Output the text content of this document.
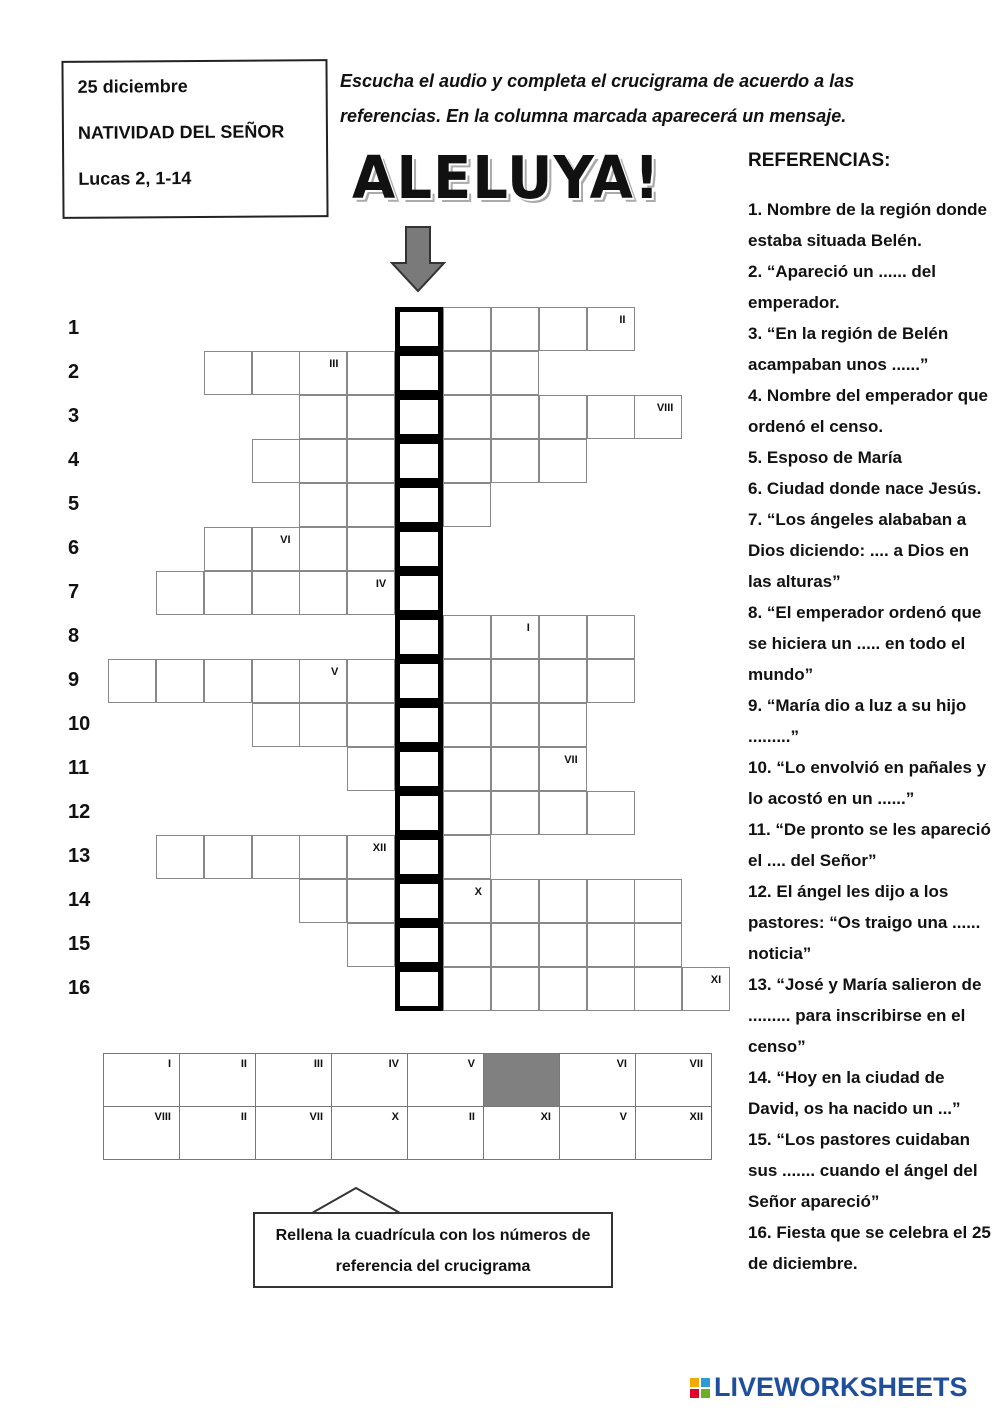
25 diciembre
NATIVIDAD DEL SEÑOR
Lucas 2, 1-14
Escucha el audio y completa el crucigrama de acuerdo a las referencias. En la columna marcada aparecerá un mensaje.
ALELUYA!
II
III
VIII
VI
IV
I
V
VII
XII
X
XI
REFERENCIAS:
1. Nombre de la región donde estaba situada Belén.
2. “Apareció un ...... del emperador.
3. “En la región de Belén acampaban unos ......”
4. Nombre del emperador que ordenó el censo.
5. Esposo de María
6. Ciudad donde nace Jesús.
7. “Los ángeles alababan a Dios diciendo: .... a Dios en las alturas”
8. “El emperador ordenó que se hiciera un ..... en todo el mundo”
9. “María dio a luz a su hijo .........”
10. “Lo envolvió en pañales y lo acostó en un ......”
11. “De pronto se les apareció el .... del Señor”
12. El ángel les dijo a los pastores: “Os traigo una ...... noticia”
13. “José y María salieron de ......... para inscribirse en el censo”
14. “Hoy en la ciudad de David, os ha nacido un ...”
15. “Los pastores cuidaban sus ....... cuando el ángel del Señor apareció”
16. Fiesta que se celebra el 25 de diciembre.
I	II	III	IV	V		VI	VII
VIII	II	VII	X	II	XI	V	XII
Rellena la cuadrícula con los números de referencia del crucigrama
LIVEWORKSHEETS
1
2
3
4
5
6
7
8
9
10
11
12
13
14
15
16
